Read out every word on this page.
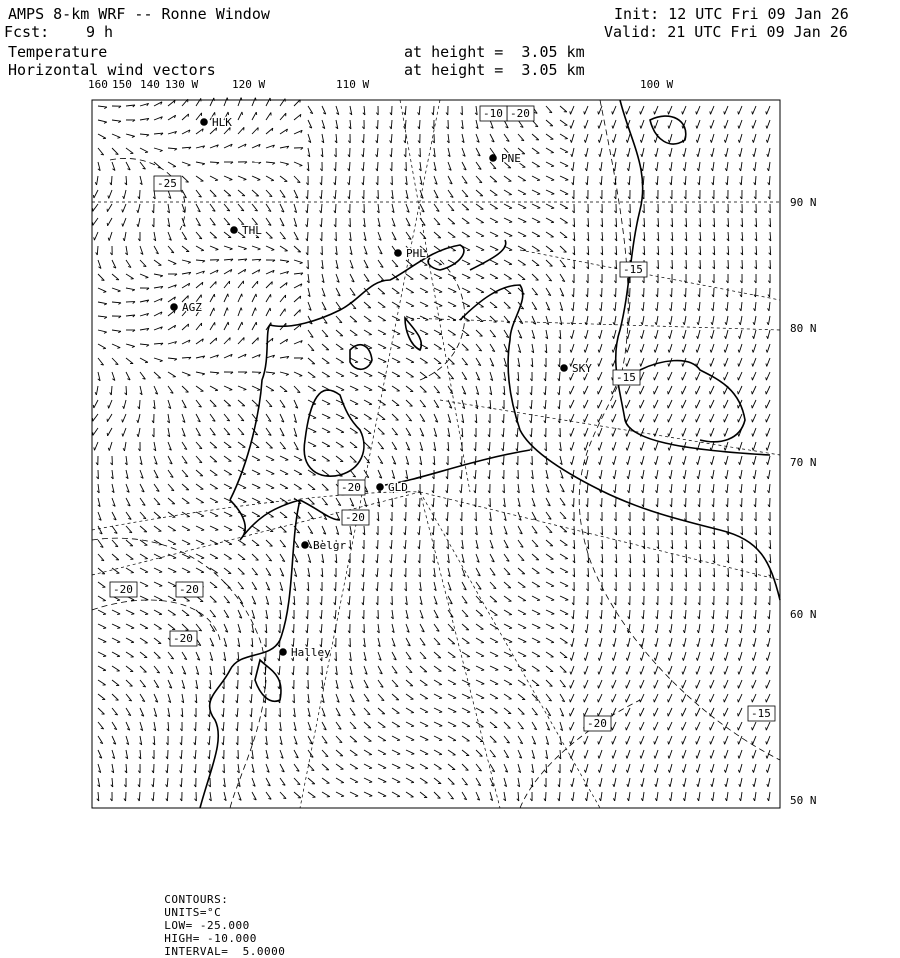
AMPS 8-km WRF -- Ronne Window
Fcst: 9 h
Temperature
Horizontal wind vectors
at height =  3.05 km
at height =  3.05 km
Init: 12 UTC Fri 09 Jan 26
Valid: 21 UTC Fri 09 Jan 26
HLK
PNE
THL
PHL
AGZ
SKY
GLD
Belgr
Halley
-20
-25
-15
-15
-20
-20
-20	-20
-20
-20
-15
-10
160 150 140 130 W	120 W	110 W	100 W
90 N
80 N
70 N
60 N
50 N

CONTOURS:
UNITS=°C
LOW= -25.000
HIGH= -10.000
INTERVAL=  5.0000
